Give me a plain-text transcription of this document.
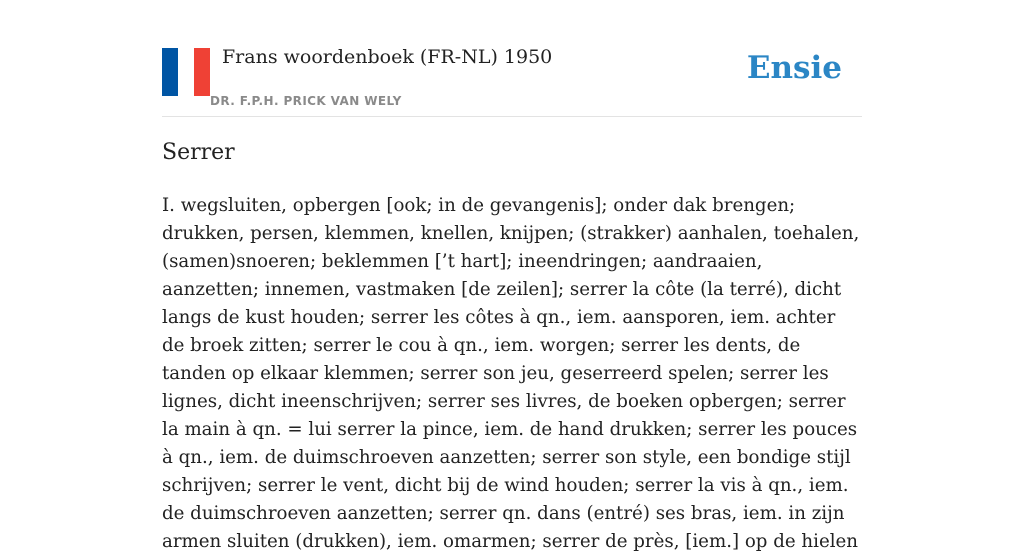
Frans woordenboek (FR-NL) 1950
DR. F.P.H. PRICK VAN WELY
Ensie
Serrer

I. wegsluiten, opbergen [ook; in de gevangenis]; onder dak brengen; drukken, persen, klemmen, knellen, knijpen; (strakker) aanhalen, toehalen, (samen)snoeren; beklemmen [’t hart]; ineendringen; aandraaien, aanzetten; innemen, vastmaken [de zeilen]; serrer la côte (la terré), dicht langs de kust houden; serrer les côtes à qn., iem. aansporen, iem. achter de broek zitten; serrer le cou à qn., iem. worgen; serrer les dents, de tanden op elkaar klemmen; serrer son jeu, geserreerd spelen; serrer les lignes, dicht ineenschrijven; serrer ses livres, de boeken opbergen; serrer la main à qn. = lui serrer la pince, iem. de hand drukken; serrer les pouces à qn., iem. de duimschroeven aanzetten; serrer son style, een bondige stijl schrijven; serrer le vent, dicht bij de wind houden; serrer la vis à qn., iem. de duimschroeven aanzetten; serrer qn. dans (entré) ses bras, iem. in zijn armen sluiten (drukken), iem. omarmen; serrer de près, [iem.] op de hielen
